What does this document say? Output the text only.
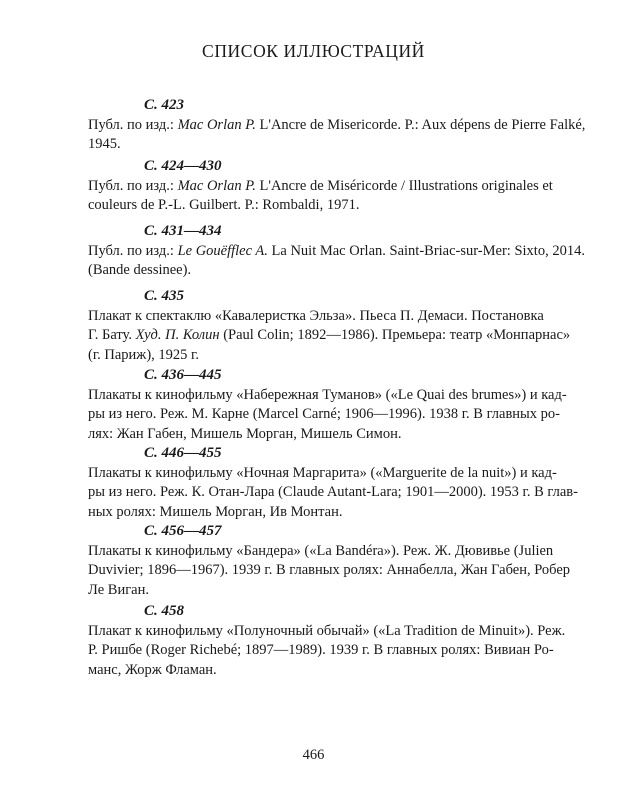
СПИСОК ИЛЛЮСТРАЦИЙ
С. 423
Публ. по изд.: Mac Orlan P. L'Ancre de Misericorde. P.: Aux dépens de Pierre Falké,
1945.
С. 424—430
Публ. по изд.: Mac Orlan P. L'Ancre de Miséricorde / Illustrations originales et
couleurs de P.-L. Guilbert. P.: Rombaldi, 1971.
С. 431—434
Публ. по изд.: Le Gouëfflec A. La Nuit Mac Orlan. Saint-Briac-sur-Mer: Sixto, 2014.
(Bande dessinee).
С. 435
Плакат к спектаклю «Кавалеристка Эльза». Пьеса П. Демаси. Постановка
Г. Бату. Худ. П. Колин (Paul Colin; 1892—1986). Премьера: театр «Монпарнас»
(г. Париж), 1925 г.
С. 436—445
Плакаты к кинофильму «Набережная Туманов» («Le Quai des brumes») и кад-
ры из него. Реж. М. Карне (Marcel Carné; 1906—1996). 1938 г. В главных ро-
лях: Жан Габен, Мишель Морган, Мишель Симон.
С. 446—455
Плакаты к кинофильму «Ночная Маргарита» («Marguerite de la nuit») и кад-
ры из него. Реж. К. Отан-Лара (Claude Autant-Lara; 1901—2000). 1953 г. В глав-
ных ролях: Мишель Морган, Ив Монтан.
С. 456—457
Плакаты к кинофильму «Бандера» («La Bandéra»). Реж. Ж. Дювивье (Julien
Duvivier; 1896—1967). 1939 г. В главных ролях: Аннабелла, Жан Габен, Робер
Ле Виган.
С. 458
Плакат к кинофильму «Полуночный обычай» («La Tradition de Minuit»). Реж.
Р. Ришбе (Roger Richebé; 1897—1989). 1939 г. В главных ролях: Вивиан Ро-
манс, Жорж Фламан.
466
